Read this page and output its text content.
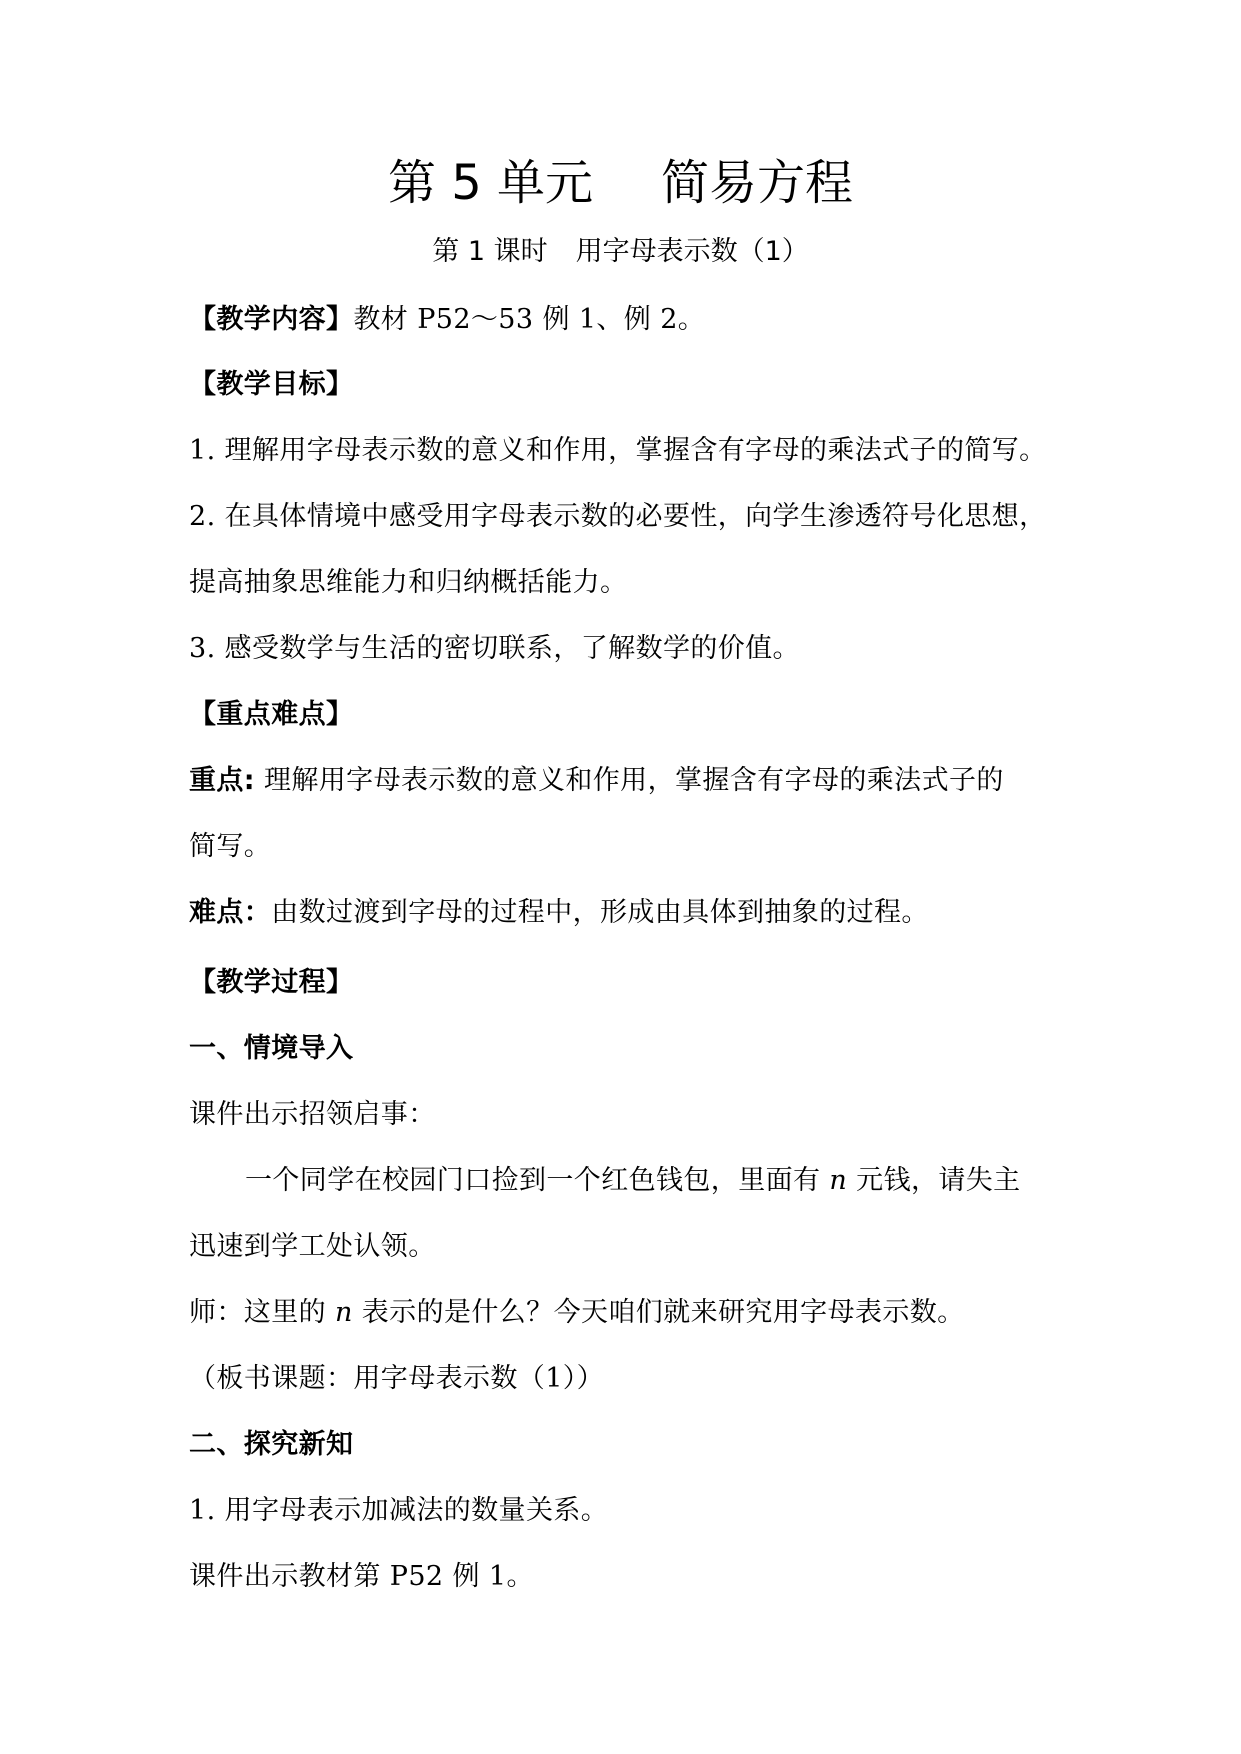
第 5 单元 简易方程
第 1 课时 用字母表示数（1）
【教学内容】教材 P52～53 例 1、例 2。
【教学目标】
1. 理解用字母表示数的意义和作用，掌握含有字母的乘法式子的简写。
2. 在具体情境中感受用字母表示数的必要性，向学生渗透符号化思想，
提高抽象思维能力和归纳概括能力。
3. 感受数学与生活的密切联系，了解数学的价值。
【重点难点】
重点: 理解用字母表示数的意义和作用，掌握含有字母的乘法式子的
简写。
难点：由数过渡到字母的过程中，形成由具体到抽象的过程。
【教学过程】
一、情境导入
课件出示招领启事：
一个同学在校园门口捡到一个红色钱包，里面有 n 元钱，请失主
迅速到学工处认领。
师：这里的 n 表示的是什么？今天咱们就来研究用字母表示数。
（板书课题：用字母表示数（1））
二、探究新知
1. 用字母表示加减法的数量关系。
课件出示教材第 P52 例 1。
